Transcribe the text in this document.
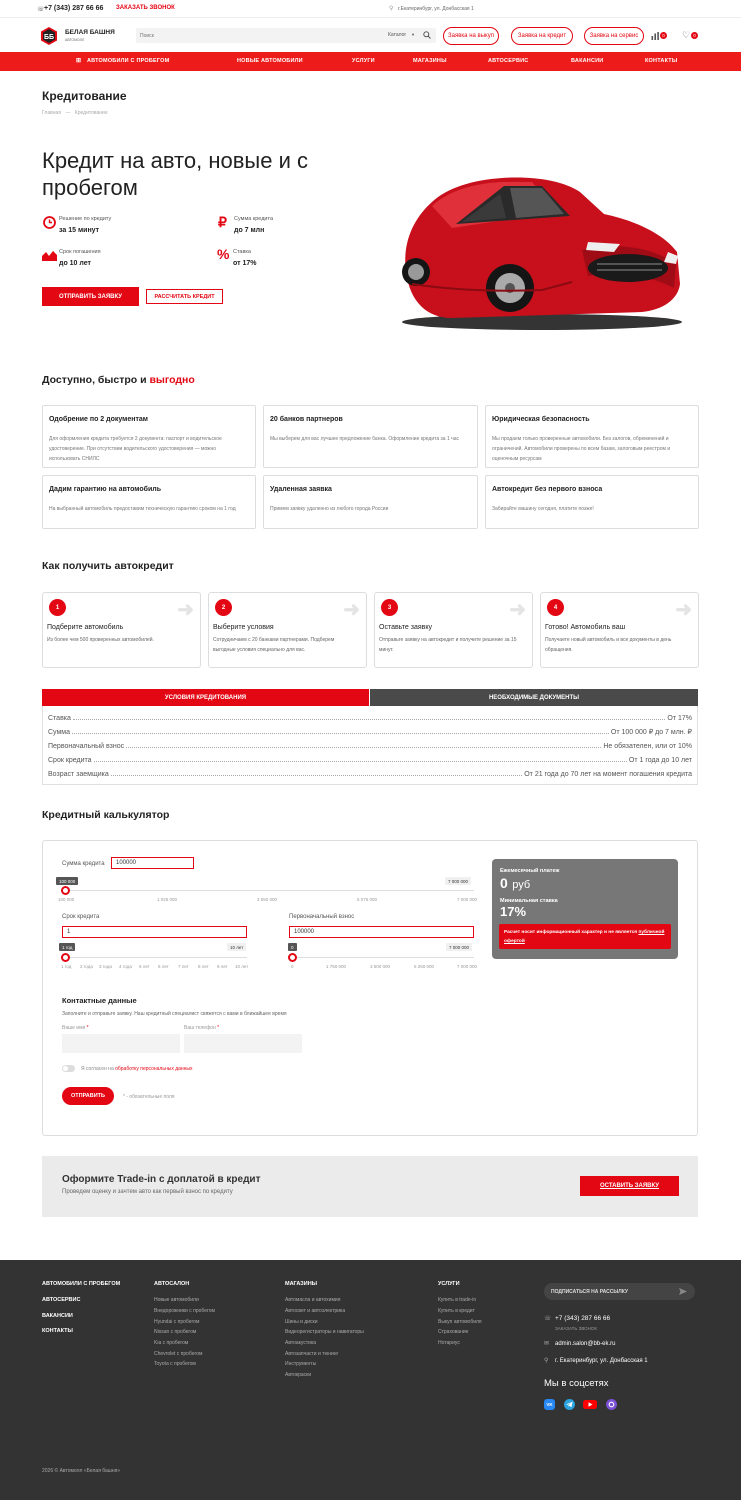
☏ +7 (343) 287 66 66 ЗАКАЗАТЬ ЗВОНОК	⚲ г.Екатеринбург, ул. Донбасская 1
ББ
БЕЛАЯ БАШНЯ
АВТОМОЛЛ
Поиск
Каталог ▼	Заявка на выкуп	Заявка на кредит	Заявка на сервис	0 ♡ 0
⊞ АВТОМОБИЛИ С ПРОБЕГОМ	НОВЫЕ АВТОМОБИЛИ	УСЛУГИ	МАГАЗИНЫ	АВТОСЕРВИС	ВАКАНСИИ	КОНТАКТЫ
Кредитование
Главная — Кредитование
Кредит на авто, новые и с
пробегом
Решение по кредиту
за 15 минут
₽ Сумма кредита
до 7 млн
Срок погашения
до 10 лет
% Ставка
от 17%
ОТПРАВИТЬ ЗАЯВКУ	РАССЧИТАТЬ КРЕДИТ
Доступно, быстро и выгодно
Одобрение по 2 документам
Для оформления кредита требуется 2 документа: паспорт и водительское удостоверение. При отсутствии водительского удостоверения — можно использовать СНИЛС
20 банков партнеров
Мы выберем для вас лучшее предложение банка. Оформление кредита за 1 час
Юридическая безопасность
Мы продаем только проверенные автомобили. Без залогов, обременений и ограничений. Автомобили проверены по всем базам, залоговым реестром и оценочным ресурсам
Дадим гарантию на автомобиль
На выбранный автомобиль предоставим техническую гарантию сроком на 1 год
Удаленная заявка
Примем заявку удаленно из любого города России
Автокредит без первого взноса
Забирайте машину сегодня, платите позже!
Как получить автокредит
1	➜
Подберите автомобиль
Из более чем 500 проверенных автомобилей.
2	➜
Выберите условия
Сотрудничаем с 20 банками партнерами. Подберем выгодные условия специально для вас.
3	➜
Оставьте заявку
Отправьте заявку на автокредит и получите решение за 15 минут.
4	➜
Готово! Автомобиль ваш
Получаете новый автомобиль и все документы в день обращения.
УСЛОВИЯ КРЕДИТОВАНИЯ	НЕОБХОДИМЫЕ ДОКУМЕНТЫ
Ставка	От 17%
Сумма	От 100 000 ₽ до 7 млн. ₽
Первоначальный взнос	Не обязателен, или от 10%
Срок кредита	От 1 года до 10 лет
Возраст заемщика	От 21 года до 70 лет на момент погашения кредита
Кредитный калькулятор
Сумма кредита	100000
100 000	7 000 000
100 000	1 025 000	3 550 000	5 075 000	7 000 000
Срок кредита
1
1 год	10 лет
1 год 2 года 3 года 4 года 5 лет 6 лет 7 лет 8 лет 9 лет 10 лет
Первоначальный взнос
100000
0	7 000 000
0	1 750 000	3 500 000	5 250 000	7 000 000
Ежемесячный платеж
0 руб
Минимальная ставка
17%
Расчет носит информационный характер и не является публичной офертой
Контактные данные
Заполните и отправьте заявку. Наш кредитный специалист свяжется с вами в ближайшее время
Ваше имя *	Ваш телефон *
Я согласен на обработку персональных данных
ОТПРАВИТЬ	* - обязательные поля
Оформите Trade-in с доплатой в кредит
Проведем оценку и зачтем авто как первый взнос по кредиту
ОСТАВИТЬ ЗАЯВКУ
АВТОМОБИЛИ С ПРОБЕГОМ
АВТОСЕРВИС
ВАКАНСИИ
КОНТАКТЫ
АВТОСАЛОН
Новые автомобили
Внедорожники с пробегом
Hyundai с пробегом
Nissan с пробегом
Kia с пробегом
Chevrolet с пробегом
Toyota с пробегом
МАГАЗИНЫ
Автомасла и автохимия
Автосвет и автоэлектрика
Шины и диски
Видеорегистраторы и навигаторы
Автоакустика
Автозапчасти и тюнинг
Инструменты
Автокраски
УСЛУГИ
Купить в trade-in
Купить в кредит
Выкуп автомобиля
Страхование
Нотариус
ПОДПИСАТЬСЯ НА РАССЫЛКУ
☏ +7 (343) 287 66 66
ЗАКАЗАТЬ ЗВОНОК
✉ admin.salon@bb-ek.ru
⚲ г. Екатеринбург, ул. Донбасская 1
Мы в соцсетях
VK
2026 © Автомолл «Белая башня»
